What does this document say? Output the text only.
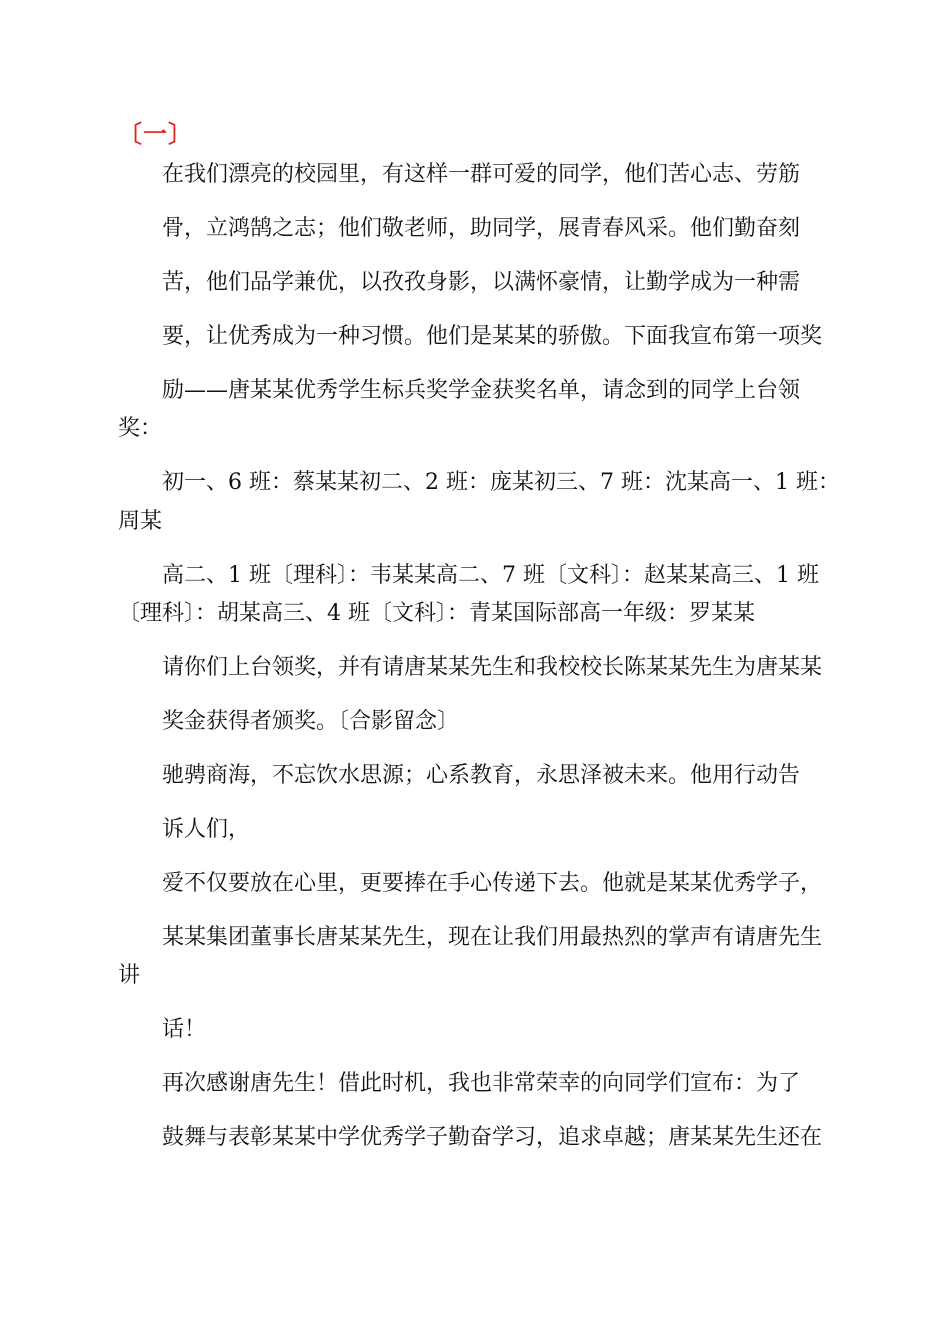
〔一〕
在我们漂亮的校园里，有这样一群可爱的同学，他们苦心志、劳筋
骨，立鸿鹄之志；他们敬老师，助同学，展青春风采。他们勤奋刻
苦，他们品学兼优，以孜孜身影，以满怀豪情，让勤学成为一种需
要，让优秀成为一种习惯。他们是某某的骄傲。下面我宣布第一项奖
励——唐某某优秀学生标兵奖学金获奖名单，请念到的同学上台领
奖：
初一、6 班：蔡某某初二、2 班：庞某初三、7 班：沈某高一、1 班：
周某
高二、1 班〔理科〕：韦某某高二、7 班〔文科〕：赵某某高三、1 班
〔理科〕：胡某高三、4 班〔文科〕：青某国际部高一年级：罗某某
请你们上台领奖，并有请唐某某先生和我校校长陈某某先生为唐某某
奖金获得者颁奖。〔合影留念〕
驰骋商海，不忘饮水思源；心系教育，永思泽被未来。他用行动告
诉人们，
爱不仅要放在心里，更要捧在手心传递下去。他就是某某优秀学子，
某某集团董事长唐某某先生，现在让我们用最热烈的掌声有请唐先生
讲
话！
再次感谢唐先生！借此时机，我也非常荣幸的向同学们宣布：为了
鼓舞与表彰某某中学优秀学子勤奋学习，追求卓越；唐某某先生还在
